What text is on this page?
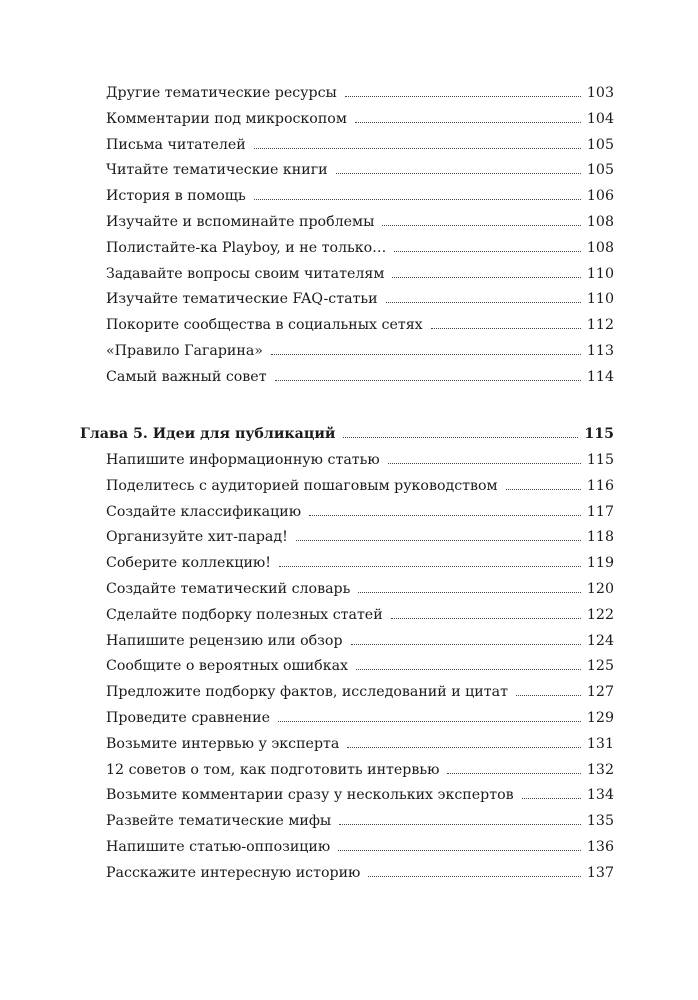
Другие тематические ресурсы	103
Комментарии под микроскопом	104
Письма читателей	105
Читайте тематические книги	105
История в помощь	106
Изучайте и вспоминайте проблемы	108
Полистайте-ка Playboy, и не только…	108
Задавайте вопросы своим читателям	110
Изучайте тематические FAQ-статьи	110
Покорите сообщества в социальных сетях	112
«Правило Гагарина»	113
Самый важный совет	114
Глава 5. Идеи для публикаций	115
Напишите информационную статью	115
Поделитесь с аудиторией пошаговым руководством	116
Создайте классификацию	117
Организуйте хит-парад!	118
Соберите коллекцию!	119
Создайте тематический словарь	120
Сделайте подборку полезных статей	122
Напишите рецензию или обзор	124
Сообщите о вероятных ошибках	125
Предложите подборку фактов, исследований и цитат	127
Проведите сравнение	129
Возьмите интервью у эксперта	131
12 советов о том, как подготовить интервью	132
Возьмите комментарии сразу у нескольких экспертов	134
Развейте тематические мифы	135
Напишите статью-оппозицию	136
Расскажите интересную историю	137
